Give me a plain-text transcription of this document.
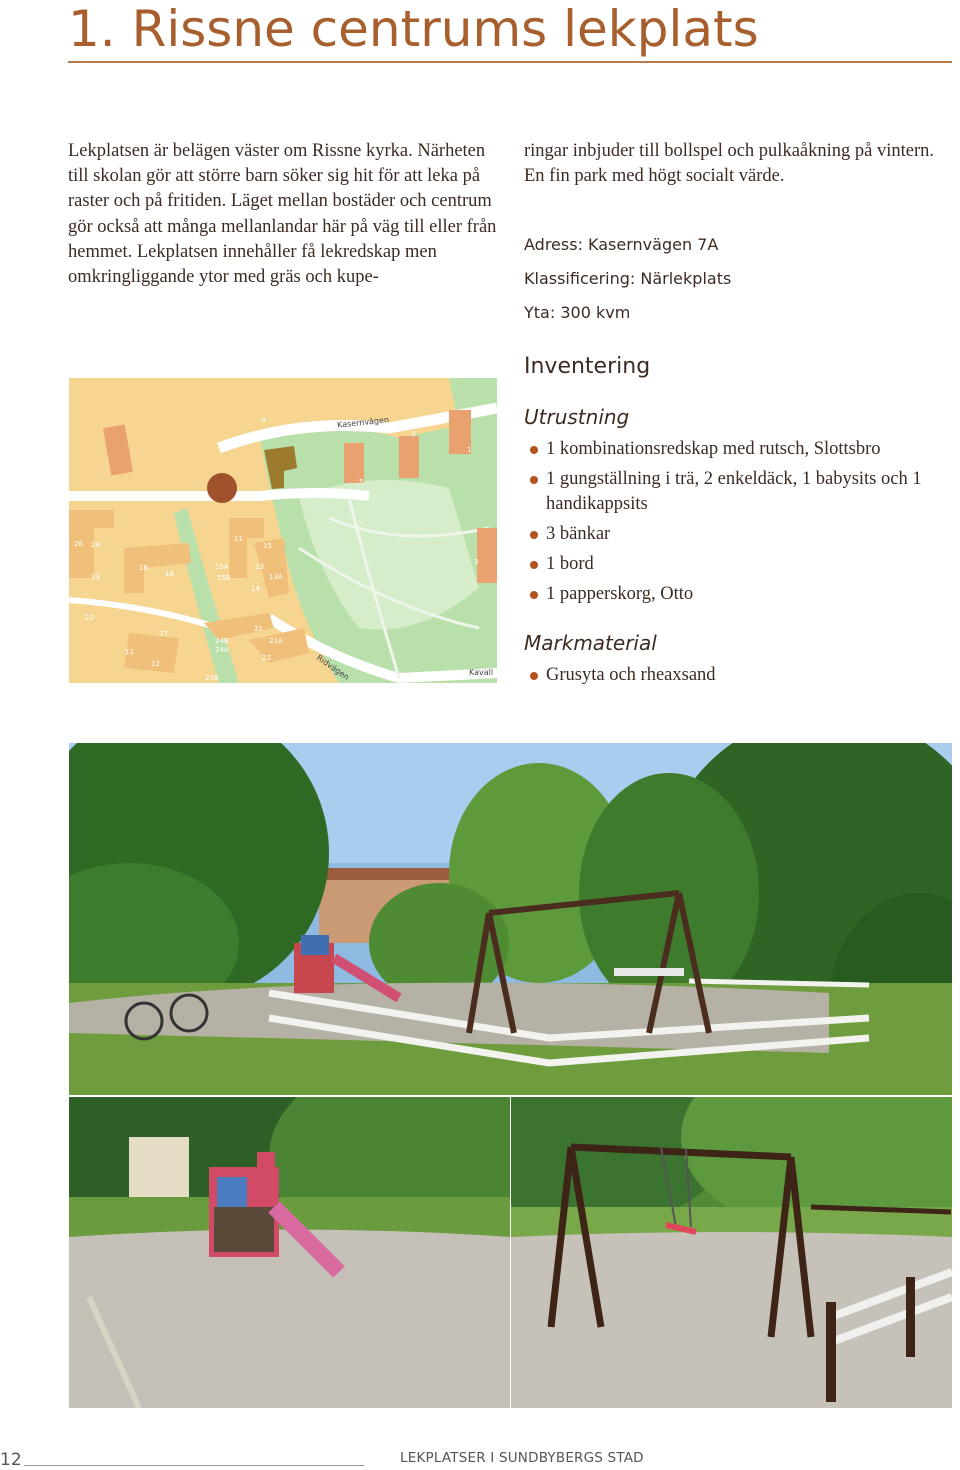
1. Rissne centrums lekplats

Lekplatsen är belägen väster om Rissne kyrka. Närheten till skolan gör att större barn söker sig hit för att leka på raster och på fritiden. Läget mellan bostäder och centrum gör också att många mellanlandar här på väg till eller från hemmet. Lekplatsen innehåller få lekredskap men omkringliggande ytor med gräs och kupe-

ringar inbjuder till bollspel och pulkaåkning på vintern. En fin park med högt socialt värde.

Adress: Kasernvägen 7A
Klassificering: Närlekplats
Yta: 300 kvm
Inventering
Utrustning
1 kombinationsredskap med rutsch, Slottsbro
1 gungställning i trä, 2 enkeldäck, 1 babysits och 1 handikappsits
3 bänkar
1 bord
1 papperskorg, Otto
Markmaterial
Grusyta och rheaxsand
Kasernvägen
Ridvägen	Kavall
7A
9
3
1
5
11
15
13
13A
15A
15B
14
16
18
26 24
23
22
21
21A
24B
24A
27
11
12
22
23B
3
12	LEKPLATSER I SUNDBYBERGS STAD
